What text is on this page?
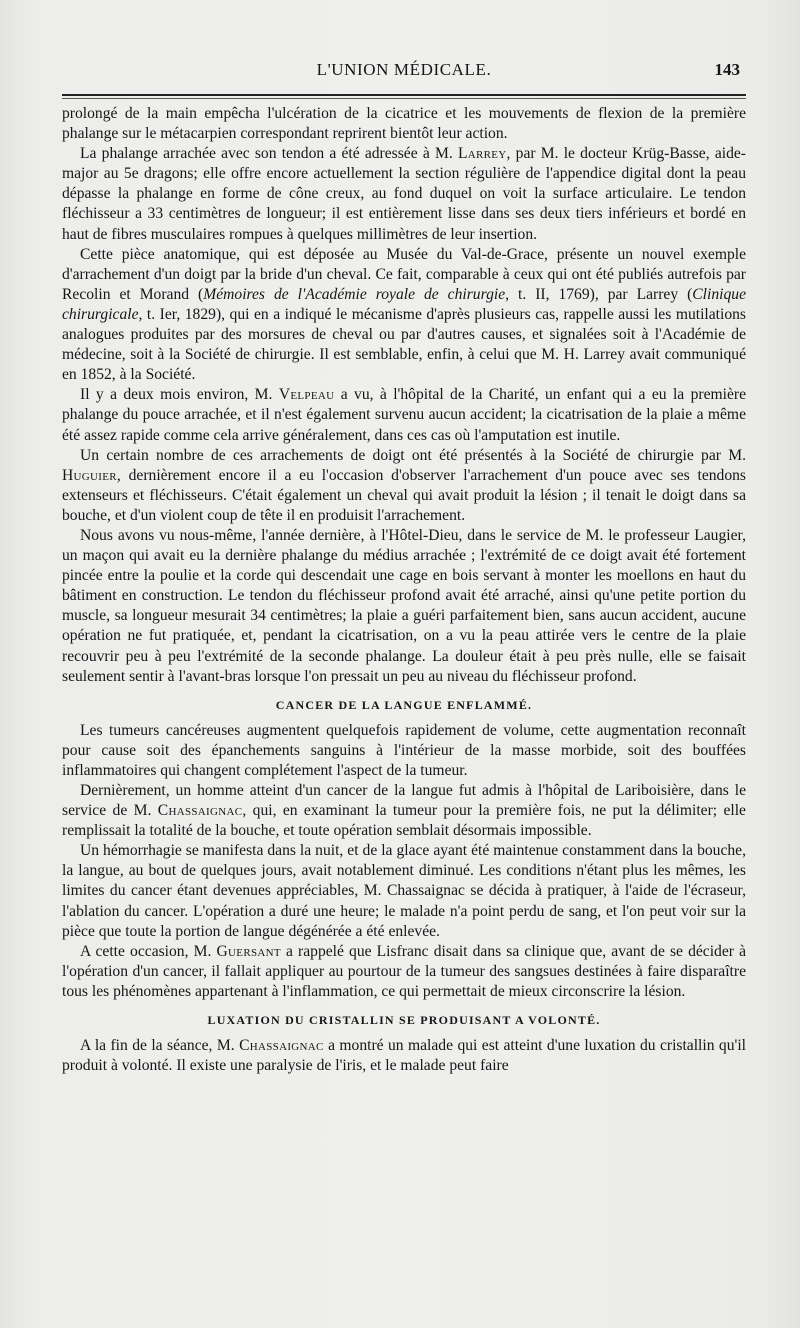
L'UNION MÉDICALE.	143

prolongé de la main empêcha l'ulcération de la cicatrice et les mouvements de flexion de la première phalange sur le métacarpien correspondant reprirent bientôt leur action.

La phalange arrachée avec son tendon a été adressée à M. Larrey, par M. le docteur Krüg-Basse, aide-major au 5e dragons; elle offre encore actuellement la section régulière de l'appendice digital dont la peau dépasse la phalange en forme de cône creux, au fond duquel on voit la surface articulaire. Le tendon fléchisseur a 33 centimètres de longueur; il est entièrement lisse dans ses deux tiers inférieurs et bordé en haut de fibres musculaires rompues à quelques millimètres de leur insertion.

Cette pièce anatomique, qui est déposée au Musée du Val-de-Grace, présente un nouvel exemple d'arrachement d'un doigt par la bride d'un cheval. Ce fait, comparable à ceux qui ont été publiés autrefois par Recolin et Morand (Mémoires de l'Académie royale de chirurgie, t. II, 1769), par Larrey (Clinique chirurgicale, t. Ier, 1829), qui en a indiqué le mécanisme d'après plusieurs cas, rappelle aussi les mutilations analogues produites par des morsures de cheval ou par d'autres causes, et signalées soit à l'Académie de médecine, soit à la Société de chirurgie. Il est semblable, enfin, à celui que M. H. Larrey avait communiqué en 1852, à la Société.

Il y a deux mois environ, M. Velpeau a vu, à l'hôpital de la Charité, un enfant qui a eu la première phalange du pouce arrachée, et il n'est également survenu aucun accident; la cicatrisation de la plaie a même été assez rapide comme cela arrive généralement, dans ces cas où l'amputation est inutile.

Un certain nombre de ces arrachements de doigt ont été présentés à la Société de chirurgie par M. Huguier, dernièrement encore il a eu l'occasion d'observer l'arrachement d'un pouce avec ses tendons extenseurs et fléchisseurs. C'était également un cheval qui avait produit la lésion ; il tenait le doigt dans sa bouche, et d'un violent coup de tête il en produisit l'arrachement.

Nous avons vu nous-même, l'année dernière, à l'Hôtel-Dieu, dans le service de M. le professeur Laugier, un maçon qui avait eu la dernière phalange du médius arrachée ; l'extrémité de ce doigt avait été fortement pincée entre la poulie et la corde qui descendait une cage en bois servant à monter les moellons en haut du bâtiment en construction. Le tendon du fléchisseur profond avait été arraché, ainsi qu'une petite portion du muscle, sa longueur mesurait 34 centimètres; la plaie a guéri parfaitement bien, sans aucun accident, aucune opération ne fut pratiquée, et, pendant la cicatrisation, on a vu la peau attirée vers le centre de la plaie recouvrir peu à peu l'extrémité de la seconde phalange. La douleur était à peu près nulle, elle se faisait seulement sentir à l'avant-bras lorsque l'on pressait un peu au niveau du fléchisseur profond.

CANCER DE LA LANGUE ENFLAMMÉ.

Les tumeurs cancéreuses augmentent quelquefois rapidement de volume, cette augmentation reconnaît pour cause soit des épanchements sanguins à l'intérieur de la masse morbide, soit des bouffées inflammatoires qui changent complétement l'aspect de la tumeur.

Dernièrement, un homme atteint d'un cancer de la langue fut admis à l'hôpital de Lariboisière, dans le service de M. Chassaignac, qui, en examinant la tumeur pour la première fois, ne put la délimiter; elle remplissait la totalité de la bouche, et toute opération semblait désormais impossible.

Un hémorrhagie se manifesta dans la nuit, et de la glace ayant été maintenue constamment dans la bouche, la langue, au bout de quelques jours, avait notablement diminué. Les conditions n'étant plus les mêmes, les limites du cancer étant devenues appréciables, M. Chassaignac se décida à pratiquer, à l'aide de l'écraseur, l'ablation du cancer. L'opération a duré une heure; le malade n'a point perdu de sang, et l'on peut voir sur la pièce que toute la portion de langue dégénérée a été enlevée.

A cette occasion, M. Guersant a rappelé que Lisfranc disait dans sa clinique que, avant de se décider à l'opération d'un cancer, il fallait appliquer au pourtour de la tumeur des sangsues destinées à faire disparaître tous les phénomènes appartenant à l'inflammation, ce qui permettait de mieux circonscrire la lésion.

LUXATION DU CRISTALLIN SE PRODUISANT A VOLONTÉ.

A la fin de la séance, M. Chassaignac a montré un malade qui est atteint d'une luxation du cristallin qu'il produit à volonté. Il existe une paralysie de l'iris, et le malade peut faire
